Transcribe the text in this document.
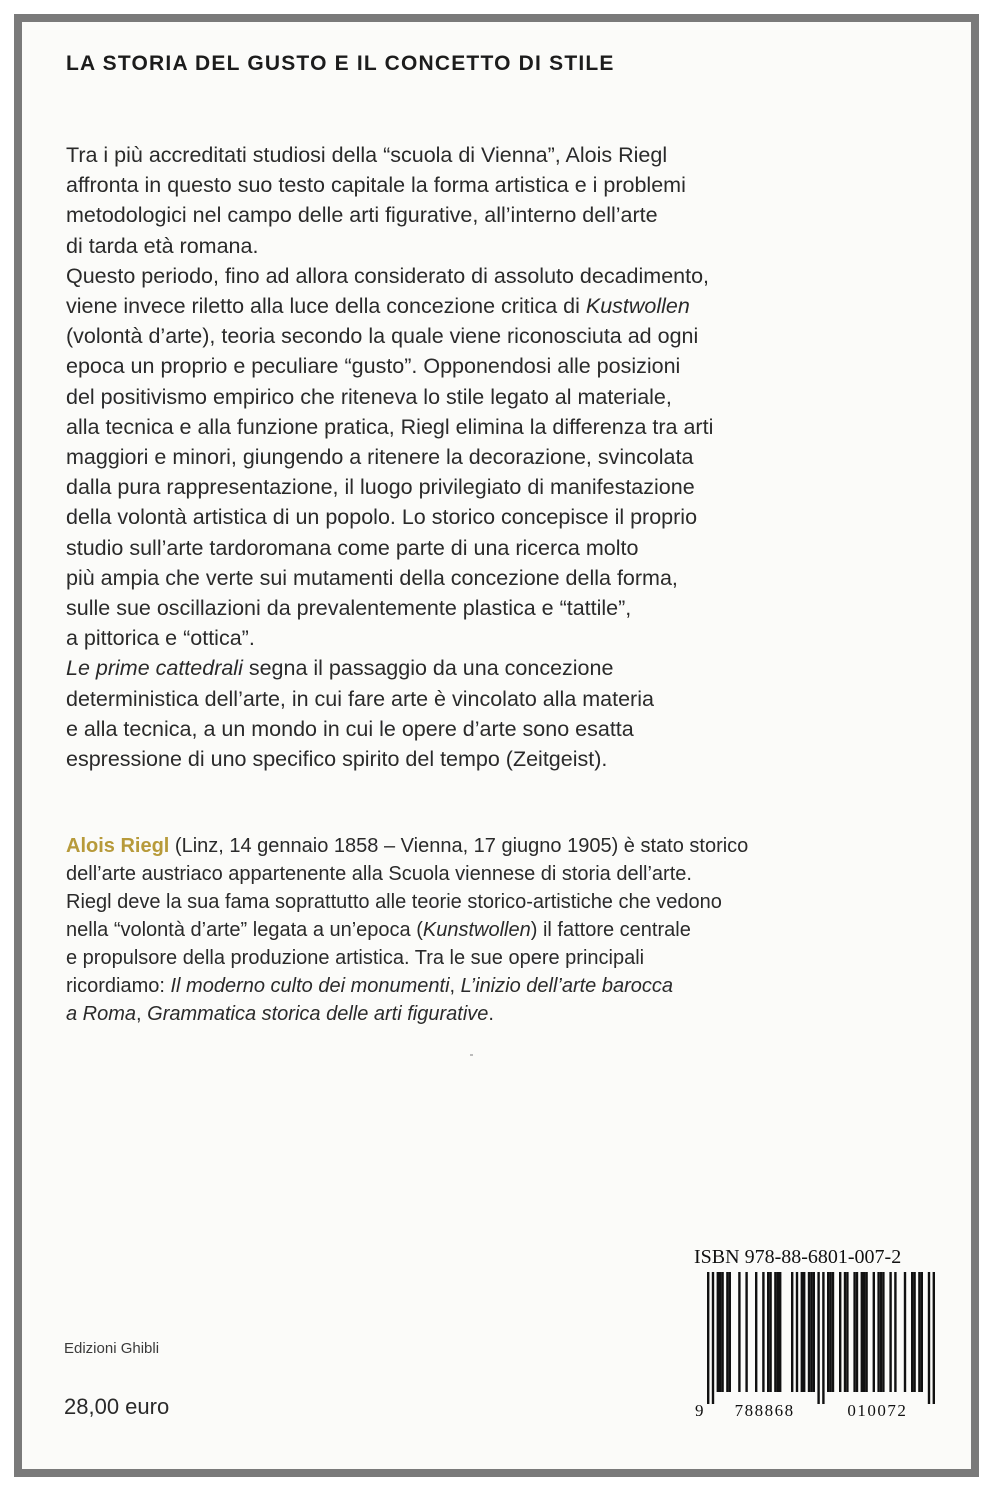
LA STORIA DEL GUSTO E IL CONCETTO DI STILE
Tra i più accreditati studiosi della “scuola di Vienna”, Alois Riegl
affronta in questo suo testo capitale la forma artistica e i problemi
metodologici nel campo delle arti figurative, all’interno dell’arte
di tarda età romana.
Questo periodo, fino ad allora considerato di assoluto decadimento,
viene invece riletto alla luce della concezione critica di Kustwollen
(volontà d’arte), teoria secondo la quale viene riconosciuta ad ogni
epoca un proprio e peculiare “gusto”. Opponendosi alle posizioni
del positivismo empirico che riteneva lo stile legato al materiale,
alla tecnica e alla funzione pratica, Riegl elimina la differenza tra arti
maggiori e minori, giungendo a ritenere la decorazione, svincolata
dalla pura rappresentazione, il luogo privilegiato di manifestazione
della volontà artistica di un popolo. Lo storico concepisce il proprio
studio sull’arte tardoromana come parte di una ricerca molto
più ampia che verte sui mutamenti della concezione della forma,
sulle sue oscillazioni da prevalentemente plastica e “tattile”,
a pittorica e “ottica”.
Le prime cattedrali segna il passaggio da una concezione
deterministica dell’arte, in cui fare arte è vincolato alla materia
e alla tecnica, a un mondo in cui le opere d’arte sono esatta
espressione di uno specifico spirito del tempo (Zeitgeist).
Alois Riegl (Linz, 14 gennaio 1858 – Vienna, 17 giugno 1905) è stato storico
dell’arte austriaco appartenente alla Scuola viennese di storia dell’arte.
Riegl deve la sua fama soprattutto alle teorie storico-artistiche che vedono
nella “volontà d’arte” legata a un’epoca (Kunstwollen) il fattore centrale
e propulsore della produzione artistica. Tra le sue opere principali
ricordiamo: Il moderno culto dei monumenti, L’inizio dell’arte barocca
a Roma, Grammatica storica delle arti figurative.
ISBN 978-88-6801-007-2
9 788868	010072
Edizioni Ghibli
28,00 euro
